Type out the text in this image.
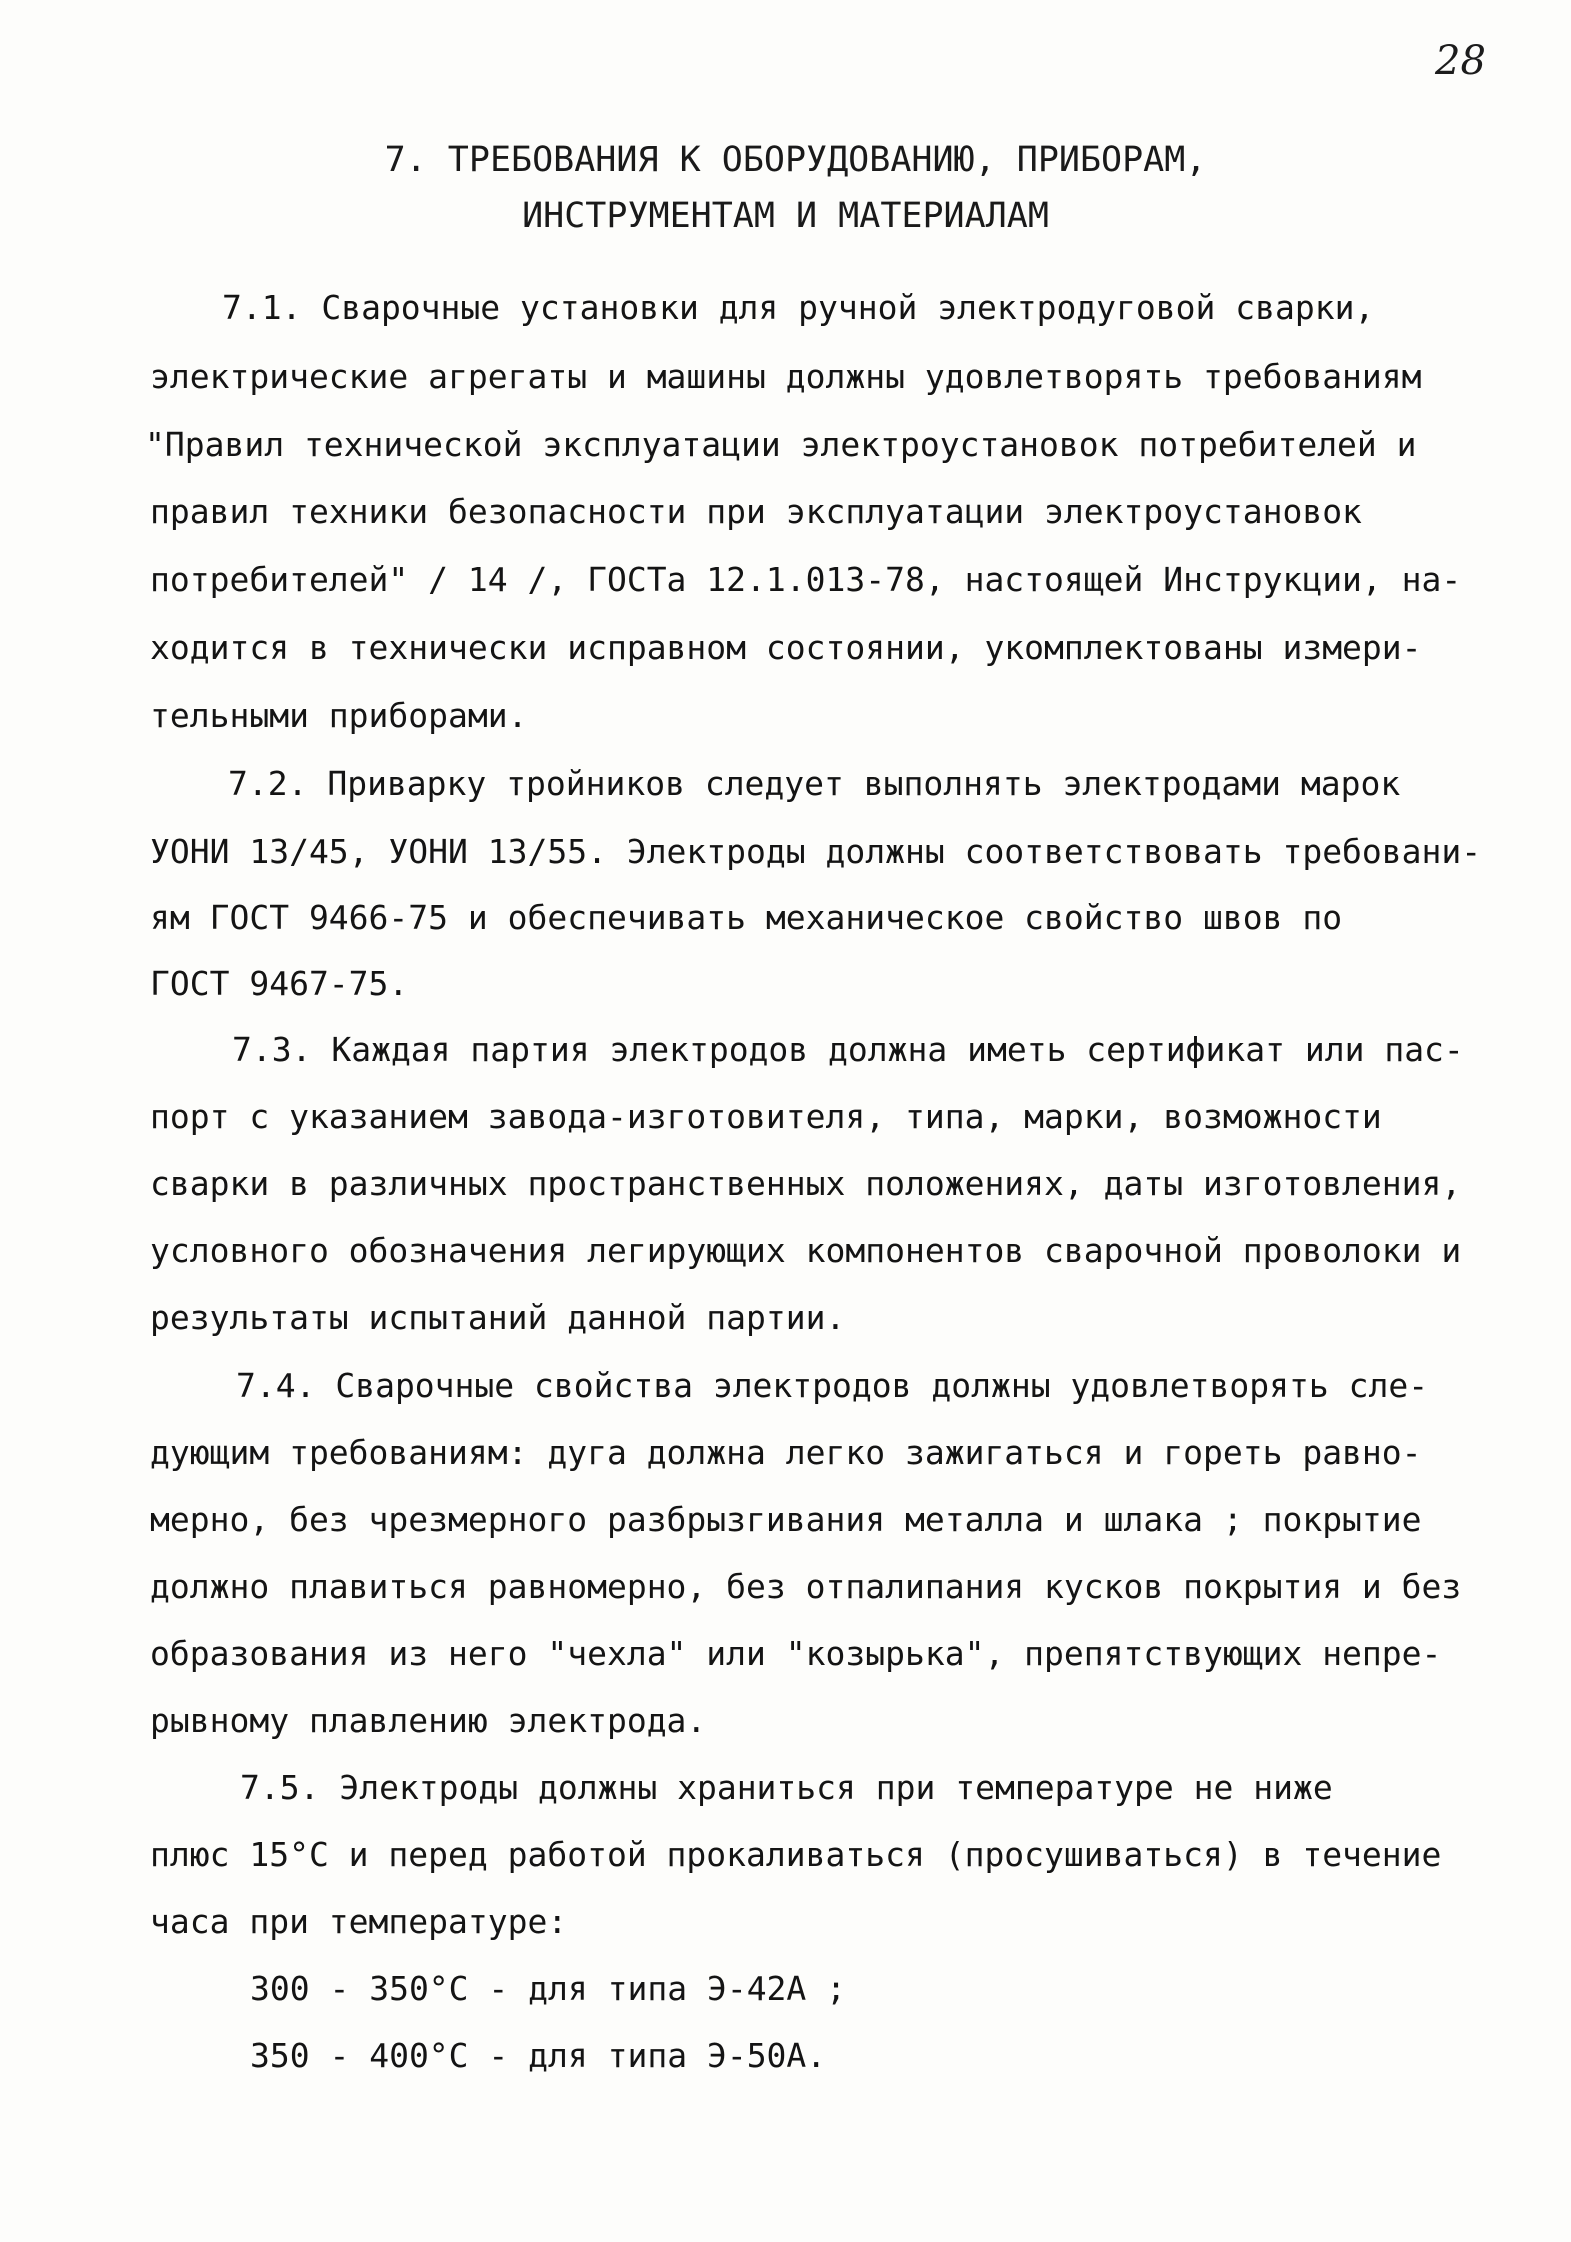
28
7. ТРЕБОВАНИЯ К ОБОРУДОВАНИЮ, ПРИБОРАМ,
ИНСТРУМЕНТАМ И МАТЕРИАЛАМ
7.1. Сварочные установки для ручной электродуговой сварки,
электрические агрегаты и машины должны удовлетворять требованиям
"Правил технической эксплуатации электроустановок потребителей и
правил техники безопасности при эксплуатации электроустановок
потребителей" / 14 /, ГОСТа 12.1.013-78, настоящей Инструкции, на-
ходится в технически исправном состоянии, укомплектованы измери-
тельными приборами.
7.2. Приварку тройников следует выполнять электродами марок
УОНИ 13/45, УОНИ 13/55. Электроды должны соответствовать требовани-
ям ГОСТ 9466-75 и обеспечивать механическое свойство швов по
ГОСТ 9467-75.
7.3. Каждая партия электродов должна иметь сертификат или пас-
порт с указанием завода-изготовителя, типа, марки, возможности
сварки в различных пространственных положениях, даты изготовления,
условного обозначения легирующих компонентов сварочной проволоки и
результаты испытаний данной партии.
7.4. Сварочные свойства электродов должны удовлетворять сле-
дующим требованиям: дуга должна легко зажигаться и гореть равно-
мерно, без чрезмерного разбрызгивания металла и шлака ; покрытие
должно плавиться равномерно, без отпалипания кусков покрытия и без
образования из него "чехла" или "козырька", препятствующих непре-
рывному плавлению электрода.
7.5. Электроды должны храниться при температуре не ниже
плюс 15°С и перед работой прокаливаться (просушиваться) в течение
часа при температуре:
300 - 350°С - для типа Э-42А ;
350 - 400°С - для типа Э-50А.
